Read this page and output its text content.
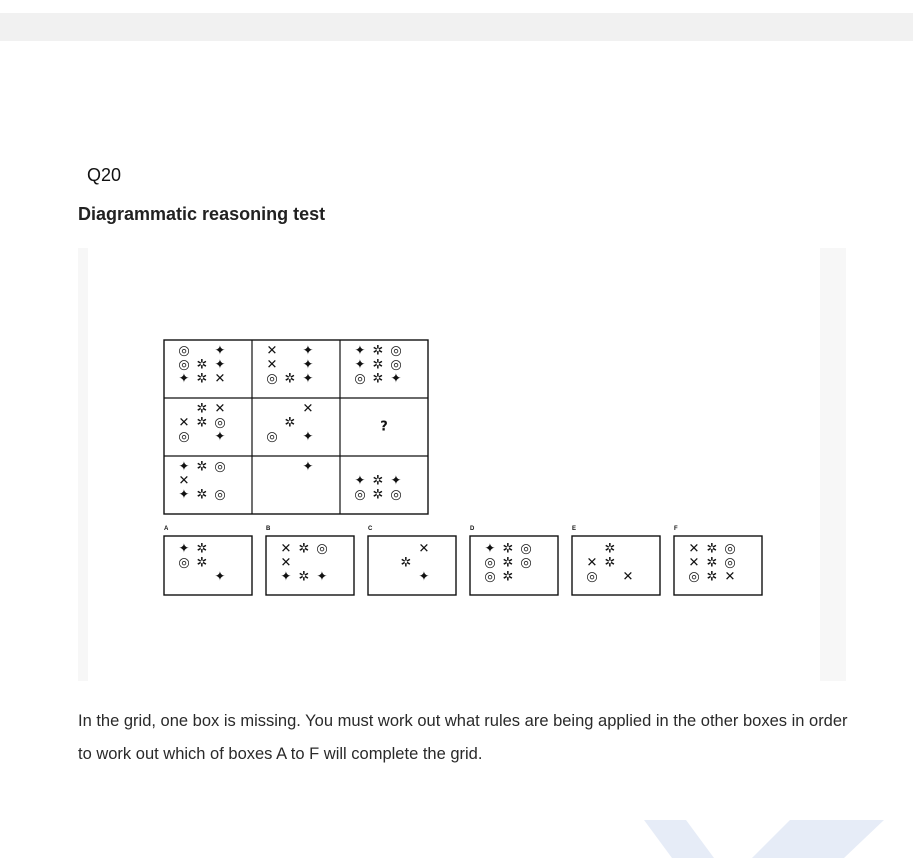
Q20
Diagrammatic reasoning test
◎ ✦
◎ ✲ ✦
✦ ✲ ✕
✕ ✦
✕ ✦
◎ ✲ ✦
✦ ✲ ◎
✦ ✲ ◎
◎ ✲ ✦
✲ ✕
✕ ✲ ◎
◎ ✦
✕
✲
◎ ✦
?
✦ ✲ ◎
✕
✦ ✲ ◎
✦
✦ ✲ ✦
◎ ✲ ◎
A
✦ ✲
◎ ✲
✦
B
✕ ✲ ◎
✕
✦ ✲ ✦
C
✕
✲
✦
D
✦ ✲ ◎
◎ ✲ ◎
◎ ✲
E
✲
✕ ✲
◎ ✕
F
✕ ✲ ◎
✕ ✲ ◎
◎ ✲ ✕
In the grid, one box is missing. You must work out what rules are being applied in the other boxes in order to work out which of boxes A to F will complete the grid.
